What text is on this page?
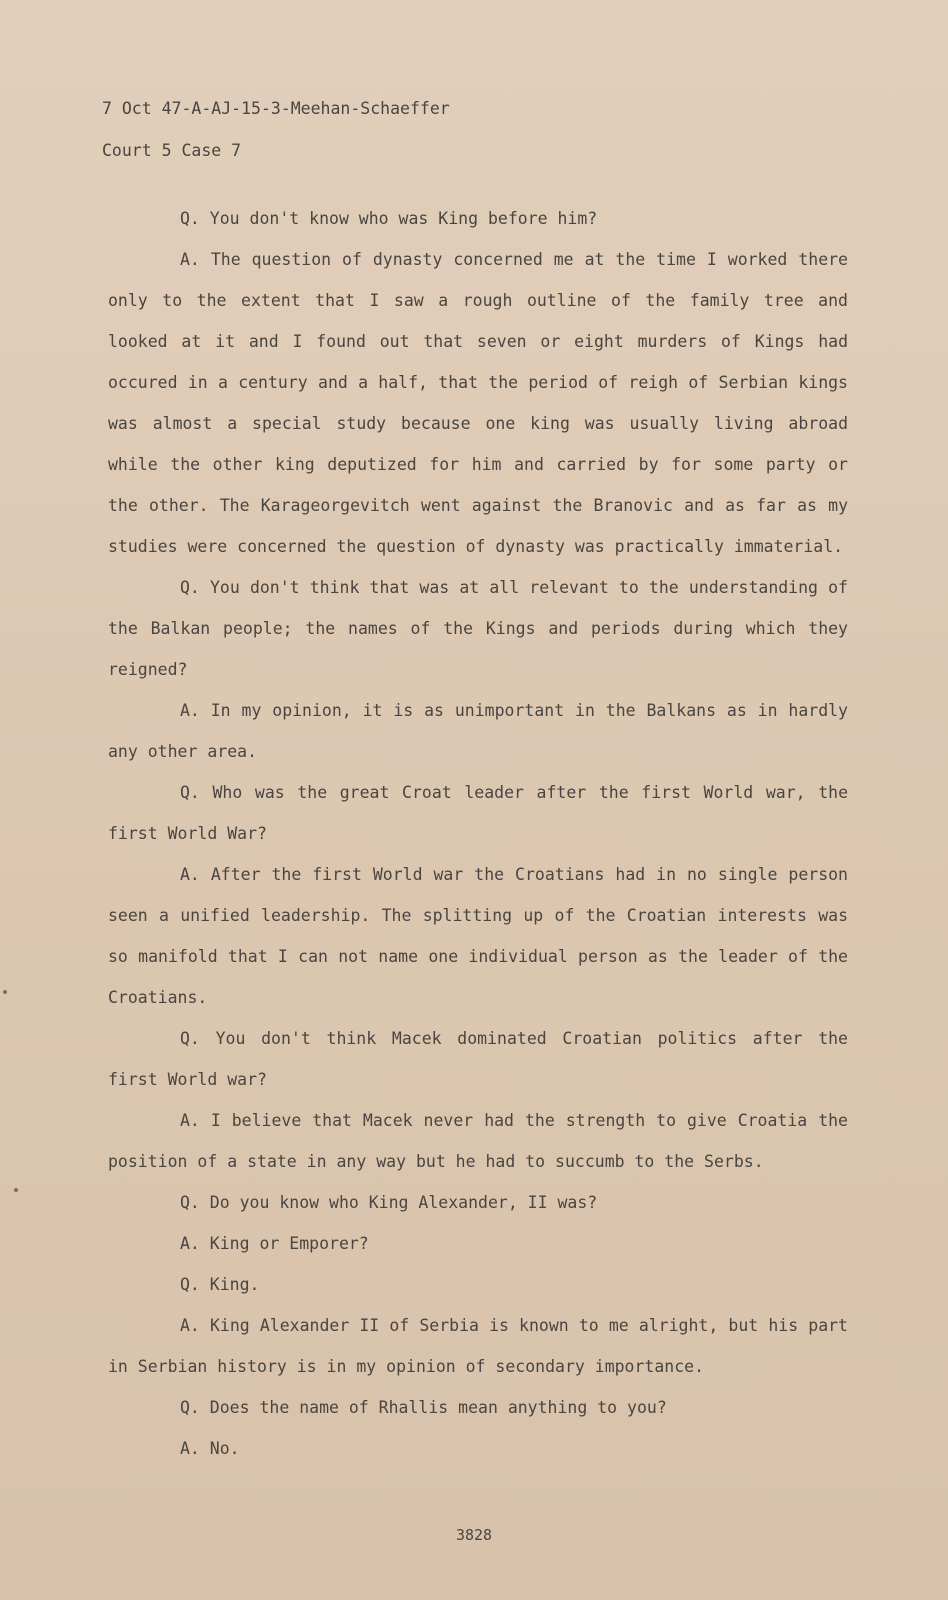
7 Oct 47-A-AJ-15-3-Meehan-Schaeffer
Court 5 Case 7

Q. You don't know who was King before him?

A. The question of dynasty concerned me at the time I worked there only to the extent that I saw a rough outline of the family tree and looked at it and I found out that seven or eight murders of Kings had occured in a century and a half, that the period of reigh of Serbian kings was almost a special study because one king was usually living abroad while the other king deputized for him and carried by for some party or the other. The Karageorgevitch went against the Branovic and as far as my studies were concerned the question of dynasty was practically immaterial.

Q. You don't think that was at all relevant to the understanding of the Balkan people; the names of the Kings and periods during which they reigned?

A. In my opinion, it is as unimportant in the Balkans as in hardly any other area.

Q. Who was the great Croat leader after the first World war, the first World War?

A. After the first World war the Croatians had in no single person seen a unified leadership. The splitting up of the Croatian interests was so manifold that I can not name one individual person as the leader of the Croatians.

Q. You don't think Macek dominated Croatian politics after the first World war?

A. I believe that Macek never had the strength to give Croatia the position of a state in any way but he had to succumb to the Serbs.

Q. Do you know who King Alexander, II was?

A. King or Emporer?

Q. King.

A. King Alexander II of Serbia is known to me alright, but his part in Serbian history is in my opinion of secondary importance.

Q. Does the name of Rhallis mean anything to you?

A. No.

3828
